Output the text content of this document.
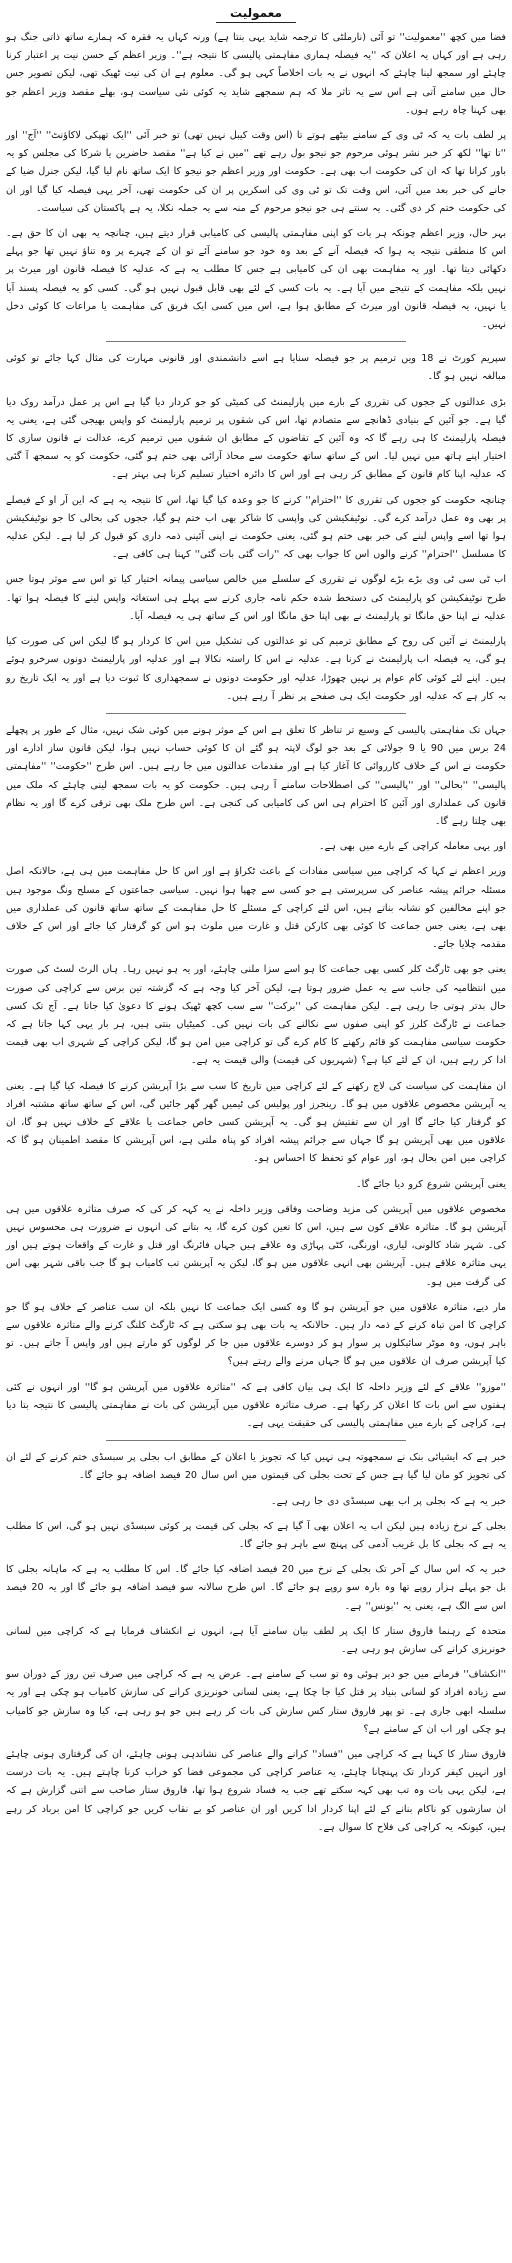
معمولیت

فضا میں کچھ ''معمولیت'' تو آئی (نارملٹی کا ترجمہ شاید یہی بنتا ہے) ورنہ کہاں یہ فقرہ کہ ہمارے ساتھ ذاتی جنگ ہو رہی ہے اور کہاں یہ اعلان کہ ''یہ فیصلہ ہماری مفاہمتی پالیسی کا نتیجہ ہے''۔ وزیر اعظم کے حسن نیت پر اعتبار کرنا چاہئے اور سمجھ لینا چاہئے کہ انہوں نے یہ بات اخلاصاً کہی ہو گی۔ معلوم ہے ان کی نیت ٹھیک تھی، لیکن تصویر جس حال میں سامنے آتی ہے اس سے یہ تاثر ملا کہ ہم سمجھے شاید یہ کوئی نئی سیاست ہو، بھلے مقصد وزیر اعظم جو بھی کہنا چاہ رہے ہوں۔

پر لطف بات یہ کہ ٹی وی کے سامنے بیٹھے ہوتے تا (اس وقت کیبل نہیں تھی) تو خبر آئی ''ایک تھپکی لاکاؤنٹ'' ''آج'' اور ''تا تھا'' لکھ کر خبر نشر ہوئی مرحوم جو نیجو بول رہے تھے ''میں نے کیا ہے'' مقصد حاضرین یا شرکا کی مجلس کو یہ باور کرانا تھا کہ ان کی حکومت اب بھی ہے۔ حکومت اور وزیر اعظم جو نیجو کا ایک ساتھ نام لیا گیا، لیکن جنرل ضیا کے جانے کی خبر بعد میں آئی، اس وقت تک تو ٹی وی کی اسکرین پر ان کی حکومت تھی، آخر یہی فیصلہ کیا گیا اور ان کی حکومت ختم کر دی گئی۔ یہ سنتے ہی جو نیجو مرحوم کے منہ سے یہ جملہ نکلا، یہ ہے پاکستان کی سیاست۔

بہر حال، وزیر اعظم چونکہ ہر بات کو اپنی مفاہمتی پالیسی کی کامیابی قرار دیتے ہیں، چنانچہ یہ بھی ان کا حق ہے۔ اس کا منطقی نتیجہ یہ ہوا کہ فیصلہ آنے کے بعد وہ خود جو سامنے آئے تو ان کے چہرے پر وہ تناؤ نہیں تھا جو پہلے دکھائی دیتا تھا۔ اور یہ مفاہمت بھی ان کی کامیابی ہے جس کا مطلب یہ ہے کہ عدلیہ کا فیصلہ قانون اور میرٹ پر نہیں بلکہ مفاہمت کے نتیجے میں آیا ہے۔ یہ بات کسی کے لئے بھی قابل قبول نہیں ہو گی۔ کسی کو یہ فیصلہ پسند آیا یا نہیں، یہ فیصلہ قانون اور میرٹ کے مطابق ہوا ہے، اس میں کسی ایک فریق کی مفاہمت یا مراعات کا کوئی دخل نہیں۔

سپریم کورٹ نے 18 ویں ترمیم پر جو فیصلہ سنایا ہے اسے دانشمندی اور قانونی مہارت کی مثال کہا جائے تو کوئی مبالغہ نہیں ہو گا۔

بڑی عدالتوں کے ججوں کی تقرری کے بارے میں پارلیمنٹ کی کمیٹی کو جو کردار دیا گیا ہے اس پر عمل درآمد روک دیا گیا ہے۔ جو آئین کے بنیادی ڈھانچے سے متصادم تھا، اس کی شقوں پر ترمیم پارلیمنٹ کو واپس بھیجی گئی ہے، یعنی یہ فیصلہ پارلیمنٹ کا ہی رہے گا کہ وہ آئین کے تقاضوں کے مطابق ان شقوں میں ترمیم کرے، عدالت نے قانون سازی کا اختیار اپنے ہاتھ میں نہیں لیا۔ اس کے ساتھ ساتھ حکومت سے محاذ آرائی بھی ختم ہو گئی، حکومت کو یہ سمجھ آ گئی کہ عدلیہ اپنا کام قانون کے مطابق کر رہی ہے اور اس کا دائرہ اختیار تسلیم کرنا ہی بہتر ہے۔

چنانچہ حکومت کو ججوں کی تقرری کا ''احترام'' کرنے کا جو وعدہ کیا گیا تھا، اس کا نتیجہ یہ ہے کہ این آر او کے فیصلے پر بھی وہ عمل درآمد کرے گی۔ نوٹیفکیشن کی واپسی کا شاکر بھی اب ختم ہو گیا، ججوں کی بحالی کا جو نوٹیفکیشن ہوا تھا اسے واپس لینے کی خبر بھی ختم ہو گئی، یعنی حکومت نے اپنی آئینی ذمہ داری کو قبول کر لیا ہے۔ لیکن عدلیہ کا مسلسل ''احترام'' کرنے والوں اس کا جواب بھی کہ ''رات گئی بات گئی'' کہنا ہی کافی ہے۔

اب ٹی سی ٹی وی بڑے بڑے لوگوں نے تقرری کے سلسلے میں خالص سیاسی پیمانہ اختیار کیا تو اس سے موثر ہوتا جس طرح نوٹیفکیشن کو پارلیمنٹ کی دستخط شدہ حکم نامہ جاری کرنے سے پہلے ہی استغاثہ واپس لینے کا فیصلہ ہوا تھا۔ عدلیہ نے اپنا حق مانگا تو پارلیمنٹ نے بھی اپنا حق مانگا اور اس کے ساتھ ہی یہ فیصلہ آیا۔

پارلیمنٹ نے آئین کی روح کے مطابق ترمیم کی تو عدالتوں کی تشکیل میں اس کا کردار ہو گا لیکن اس کی صورت کیا ہو گی، یہ فیصلہ اب پارلیمنٹ نے کرنا ہے۔ عدلیہ نے اس کا راستہ نکالا ہے اور عدلیہ اور پارلیمنٹ دونوں سرخرو ہوئے ہیں۔ اپنے لئے کوئی کام عوام پر نہیں چھوڑا، عدلیہ اور حکومت دونوں نے سمجھداری کا ثبوت دیا ہے اور یہ ایک تاریخ رو بہ کار ہے کہ عدلیہ اور حکومت ایک ہی صفحے پر نظر آ رہے ہیں۔

جہاں تک مفاہمتی پالیسی کے وسیع تر تناظر کا تعلق ہے اس کے موثر ہونے میں کوئی شک نہیں، مثال کے طور پر پچھلے 24 برس میں 90 یا 9 جولائی کے بعد جو لوگ لاپتہ ہو گئے ان کا کوئی حساب نہیں ہوا، لیکن قانون ساز ادارے اور حکومت نے اس کے خلاف کارروائی کا آغاز کیا ہے اور مقدمات عدالتوں میں جا رہے ہیں۔ اس طرح ''حکومت'' ''مفاہمتی پالیسی'' ''بحالی'' اور ''پالیسی'' کی اصطلاحات سامنے آ رہی ہیں۔ حکومت کو یہ بات سمجھ لینی چاہئے کہ ملک میں قانون کی عملداری اور آئین کا احترام ہی اس کی کامیابی کی کنجی ہے۔ اس طرح ملک بھی ترقی کرے گا اور یہ نظام بھی چلتا رہے گا۔

اور یہی معاملہ کراچی کے بارے میں بھی ہے۔

وزیر اعظم نے کہا کہ کراچی میں سیاسی مفادات کے باعث ٹکراؤ ہے اور اس کا حل مفاہمت میں ہی ہے، حالانکہ اصل مسئلہ جرائم پیشہ عناصر کی سرپرستی ہے جو کسی سے چھپا ہوا نہیں۔ سیاسی جماعتوں کے مسلح ونگ موجود ہیں جو اپنے مخالفین کو نشانہ بناتے ہیں، اس لئے کراچی کے مسئلے کا حل مفاہمت کے ساتھ ساتھ قانون کی عملداری میں بھی ہے، یعنی جس جماعت کا کوئی بھی کارکن قتل و غارت میں ملوث ہو اس کو گرفتار کیا جائے اور اس کے خلاف مقدمہ چلایا جائے۔

یعنی جو بھی ٹارگٹ کلر کسی بھی جماعت کا ہو اسے سزا ملنی چاہئے، اور یہ ہو نہیں رہا۔ ہاں الرٹ لسٹ کی صورت میں انتظامیہ کی جانب سے یہ عمل ضرور ہوتا ہے، لیکن آخر کیا وجہ ہے کہ گزشتہ تین برس سے کراچی کی صورت حال بدتر ہوتی جا رہی ہے۔ لیکن مفاہمت کی ''برکت'' سے سب کچھ ٹھیک ہونے کا دعویٰ کیا جاتا ہے۔ آج تک کسی جماعت نے ٹارگٹ کلرز کو اپنی صفوں سے نکالنے کی بات نہیں کی۔ کمیٹیاں بنتی ہیں، ہر بار یہی کہا جاتا ہے کہ حکومت سیاسی مفاہمت کو قائم رکھنے کا کام کرے گی تو کراچی میں امن ہو گا، لیکن کراچی کے شہری اب بھی قیمت ادا کر رہے ہیں، ان کے لئے کیا ہے؟ (شہریوں کی قیمت) والی قیمت یہ ہے۔

ان مفاہمت کی سیاست کی لاج رکھنے کے لئے کراچی میں تاریخ کا سب سے بڑا آپریشن کرنے کا فیصلہ کیا گیا ہے۔ یعنی یہ آپریشن مخصوص علاقوں میں ہو گا۔ رینجرز اور پولیس کی ٹیمیں گھر گھر جائیں گی، اس کے ساتھ ساتھ مشتبہ افراد کو گرفتار کیا جائے گا اور ان سے تفتیش ہو گی۔ یہ آپریشن کسی خاص جماعت یا علاقے کے خلاف نہیں ہو گا، ان علاقوں میں بھی آپریشن ہو گا جہاں سے جرائم پیشہ افراد کو پناہ ملتی ہے، اس آپریشن کا مقصد اطمینان ہو گا کہ کراچی میں امن بحال ہو، اور عوام کو تحفظ کا احساس ہو۔

یعنی آپریشن شروع کرو دیا جائے گا۔

مخصوص علاقوں میں آپریشن کی مزید وضاحت وفاقی وزیر داخلہ نے یہ کہہ کر کی کہ صرف متاثرہ علاقوں میں ہی آپریشن ہو گا۔ متاثرہ علاقے کون سے ہیں، اس کا تعین کون کرے گا، یہ بتانے کی انہوں نے ضرورت ہی محسوس نہیں کی۔ شہر شاد کالونی، لیاری، اورنگی، کٹی پہاڑی وہ علاقے ہیں جہاں فائرنگ اور قتل و غارت کے واقعات ہوتے ہیں اور یہی متاثرہ علاقے ہیں۔ آپریشن بھی انہی علاقوں میں ہو گا، لیکن یہ آپریشن تب کامیاب ہو گا جب باقی شہر بھی اس کی گرفت میں ہو۔

مار دیے، متاثرہ علاقوں میں جو آپریشن ہو گا وہ کسی ایک جماعت کا نہیں بلکہ ان سب عناصر کے خلاف ہو گا جو کراچی کا امن تباہ کرنے کے ذمہ دار ہیں۔ حالانکہ یہ بات بھی ہو سکتی ہے کہ ٹارگٹ کلنگ کرنے والے متاثرہ علاقوں سے باہر ہوں، وہ موٹر سائیکلوں پر سوار ہو کر دوسرے علاقوں میں جا کر لوگوں کو مارتے ہیں اور واپس آ جاتے ہیں۔ تو کیا آپریشن صرف ان علاقوں میں ہو گا جہاں مرنے والے رہتے ہیں؟

''موزو'' علاقے کے لئے وزیر داخلہ کا ایک ہی بیان کافی ہے کہ ''متاثرہ علاقوں میں آپریشن ہو گا'' اور انہوں نے کئی ہفتوں سے اس بات کا اعلان کر رکھا ہے۔ صرف متاثرہ علاقوں میں آپریشن کی بات نے مفاہمتی پالیسی کا نتیجہ بتا دیا ہے، کراچی کے بارے میں مفاہمتی پالیسی کی حقیقت یہی ہے۔

خبر ہے کہ ایشیائی بنک نے سمجھوتہ ہی نہیں کیا کہ تجویز یا اعلان کے مطابق اب بجلی پر سبسڈی ختم کرنے کے لئے ان کی تجویز کو مان لیا گیا ہے جس کے تحت بجلی کی قیمتوں میں اس سال 20 فیصد اضافہ ہو جائے گا۔

خبر یہ ہے کہ بجلی پر اب بھی سبسڈی دی جا رہی ہے۔

بجلی کے نرخ زیادہ ہیں لیکن اب یہ اعلان بھی آ گیا ہے کہ بجلی کی قیمت پر کوئی سبسڈی نہیں ہو گی، اس کا مطلب یہ ہے کہ بجلی کا بل غریب آدمی کی پہنچ سے باہر ہو جائے گا۔

خبر یہ کہ اس سال کے آخر تک بجلی کے نرخ میں 20 فیصد اضافہ کیا جائے گا۔ اس کا مطلب یہ ہے کہ ماہانہ بجلی کا بل جو پہلے ہزار روپے تھا وہ بارہ سو روپے ہو جائے گا۔ اس طرح سالانہ سو فیصد اضافہ ہو جائے گا اور یہ 20 فیصد اس سے الگ ہے، یعنی یہ ''بونس'' ہے۔

متحدہ کے رہنما فاروق ستار کا ایک پر لطف بیان سامنے آیا ہے، انہوں نے انکشاف فرمایا ہے کہ کراچی میں لسانی خونریزی کرانے کی سازش ہو رہی ہے۔

''انکشاف'' فرمانے میں جو دیر ہوئی وہ تو سب کے سامنے ہے۔ عرض یہ ہے کہ کراچی میں صرف تین روز کے دوران سو سے زیادہ افراد کو لسانی بنیاد پر قتل کیا جا چکا ہے، یعنی لسانی خونریزی کرانے کی سازش کامیاب ہو چکی ہے اور یہ سلسلہ ابھی جاری ہے۔ تو پھر فاروق ستار کس سازش کی بات کر رہے ہیں جو ہو رہی ہے، کیا وہ سازش جو کامیاب ہو چکی اور اب ان کے سامنے ہے؟

فاروق ستار کا کہنا ہے کہ کراچی میں ''فساد'' کرانے والے عناصر کی نشاندہی ہونی چاہئے، ان کی گرفتاری ہونی چاہئے اور انہیں کیفر کردار تک پہنچانا چاہئے، یہ عناصر کراچی کی مجموعی فضا کو خراب کرنا چاہتے ہیں۔ یہ بات درست ہے، لیکن یہی بات وہ تب بھی کہہ سکتے تھے جب یہ فساد شروع ہوا تھا، فاروق ستار صاحب سے اتنی گزارش ہے کہ ان سازشوں کو ناکام بنانے کے لئے اپنا کردار ادا کریں اور ان عناصر کو بے نقاب کریں جو کراچی کا امن برباد کر رہے ہیں، کیونکہ یہ کراچی کی فلاح کا سوال ہے۔
